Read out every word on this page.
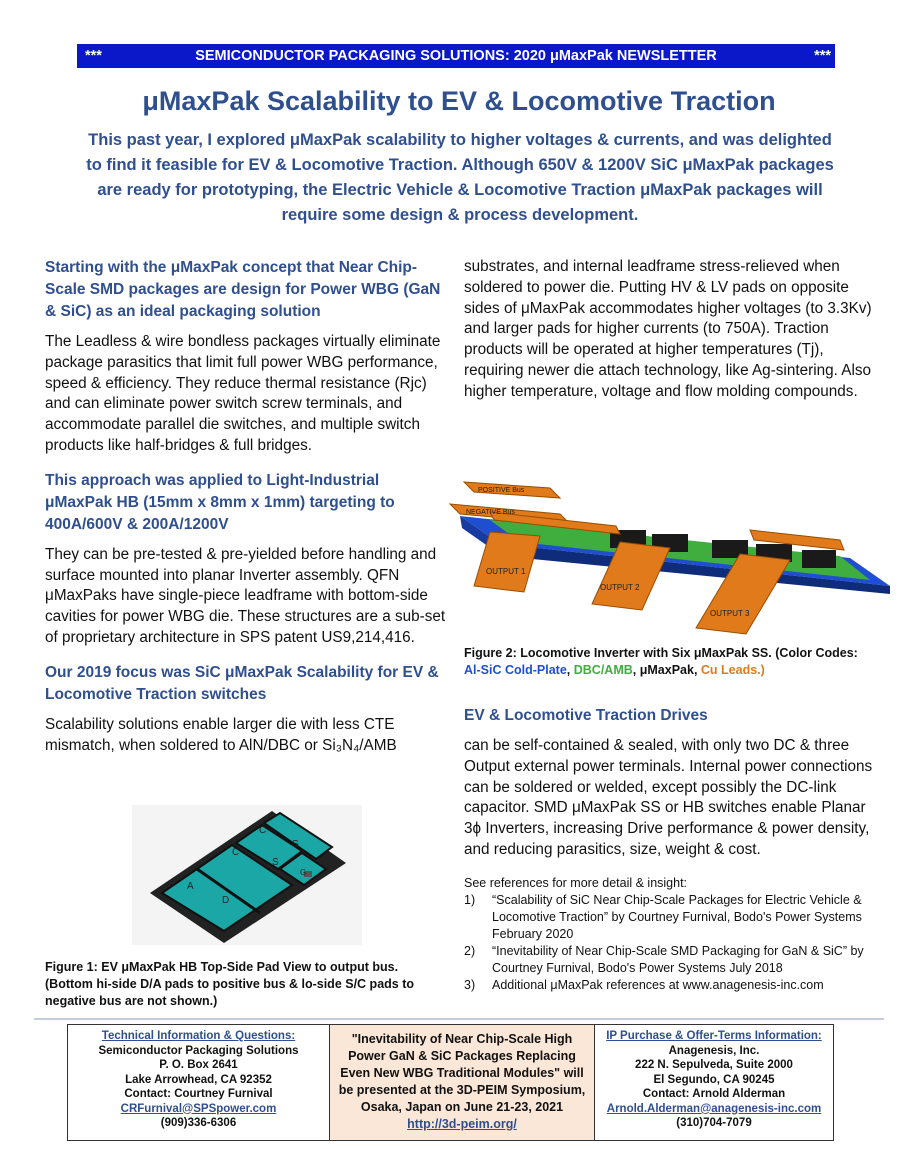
***	SEMICONDUCTOR PACKAGING SOLUTIONS: 2020 μMaxPak NEWSLETTER	***
μMaxPak Scalability to EV & Locomotive Traction
This past year, I explored μMaxPak scalability to higher voltages & currents, and was delighted to find it feasible for EV & Locomotive Traction. Although 650V & 1200V SiC μMaxPak packages are ready for prototyping, the Electric Vehicle & Locomotive Traction μMaxPak packages will require some design & process development.

Starting with the μMaxPak concept that Near Chip-Scale SMD packages are design for Power WBG (GaN & SiC) as an ideal packaging solution

The Leadless & wire bondless packages virtually eliminate package parasitics that limit full power WBG performance, speed & efficiency. They reduce thermal resistance (Rjc) and can eliminate power switch screw terminals, and accommodate parallel die switches, and multiple switch products like half-bridges & full bridges.

This approach was applied to Light-Industrial μMaxPak HB (15mm x 8mm x 1mm) targeting to 400A/600V & 200A/1200V

They can be pre-tested & pre-yielded before handling and surface mounted into planar Inverter assembly. QFN μMaxPaks have single-piece leadframe with bottom-side cavities for power WBG die. These structures are a sub-set of proprietary architecture in SPS patent US9,214,416.

Our 2019 focus was SiC μMaxPak Scalability for EV & Locomotive Traction switches

Scalability solutions enable larger die with less CTE mismatch, when soldered to AlN/DBC or Si₃N₄/AMB

C
S
C
S
G
A
D
Figure 1: EV μMaxPak HB Top-Side Pad View to output bus. (Bottom hi-side D/A pads to positive bus & lo-side S/C pads to negative bus are not shown.)

substrates, and internal leadframe stress-relieved when soldered to power die. Putting HV & LV pads on opposite sides of μMaxPak accommodates higher voltages (to 3.3Kv) and larger pads for higher currents (to 750A). Traction products will be operated at higher temperatures (Tj), requiring newer die attach technology, like Ag-sintering. Also higher temperature, voltage and flow molding compounds.

POSITIVE Bus
NEGATIVE Bus
OUTPUT 1
OUTPUT 2
OUTPUT 3
Figure 2: Locomotive Inverter with Six μMaxPak SS. (Color Codes: Al-SiC Cold-Plate, DBC/AMB, μMaxPak, Cu Leads.)

EV & Locomotive Traction Drives

can be self-contained & sealed, with only two DC & three Output external power terminals. Internal power connections can be soldered or welded, except possibly the DC-link capacitor. SMD μMaxPak SS or HB switches enable Planar 3ϕ Inverters, increasing Drive performance & power density, and reducing parasitics, size, weight & cost.

See references for more detail & insight:

1)	“Scalability of SiC Near Chip-Scale Packages for Electric Vehicle & Locomotive Traction” by Courtney Furnival, Bodo's Power Systems February 2020
2)	“Inevitability of Near Chip-Scale SMD Packaging for GaN & SiC” by Courtney Furnival, Bodo's Power Systems July 2018
3)	Additional μMaxPak references at www.anagenesis-inc.com
Technical Information & Questions:
Semiconductor Packaging Solutions
P. O. Box 2641
Lake Arrowhead, CA 92352
Contact: Courtney Furnival
CRFurnival@SPSpower.com
(909)336-6306
"Inevitability of Near Chip-Scale High Power GaN & SiC Packages Replacing Even New WBG Traditional Modules" will be presented at the 3D-PEIM Symposium, Osaka, Japan on June 21-23, 2021 http://3d-peim.org/
IP Purchase & Offer-Terms Information:
Anagenesis, Inc.
222 N. Sepulveda, Suite 2000
El Segundo, CA 90245
Contact: Arnold Alderman
Arnold.Alderman@anagenesis-inc.com
(310)704-7079
